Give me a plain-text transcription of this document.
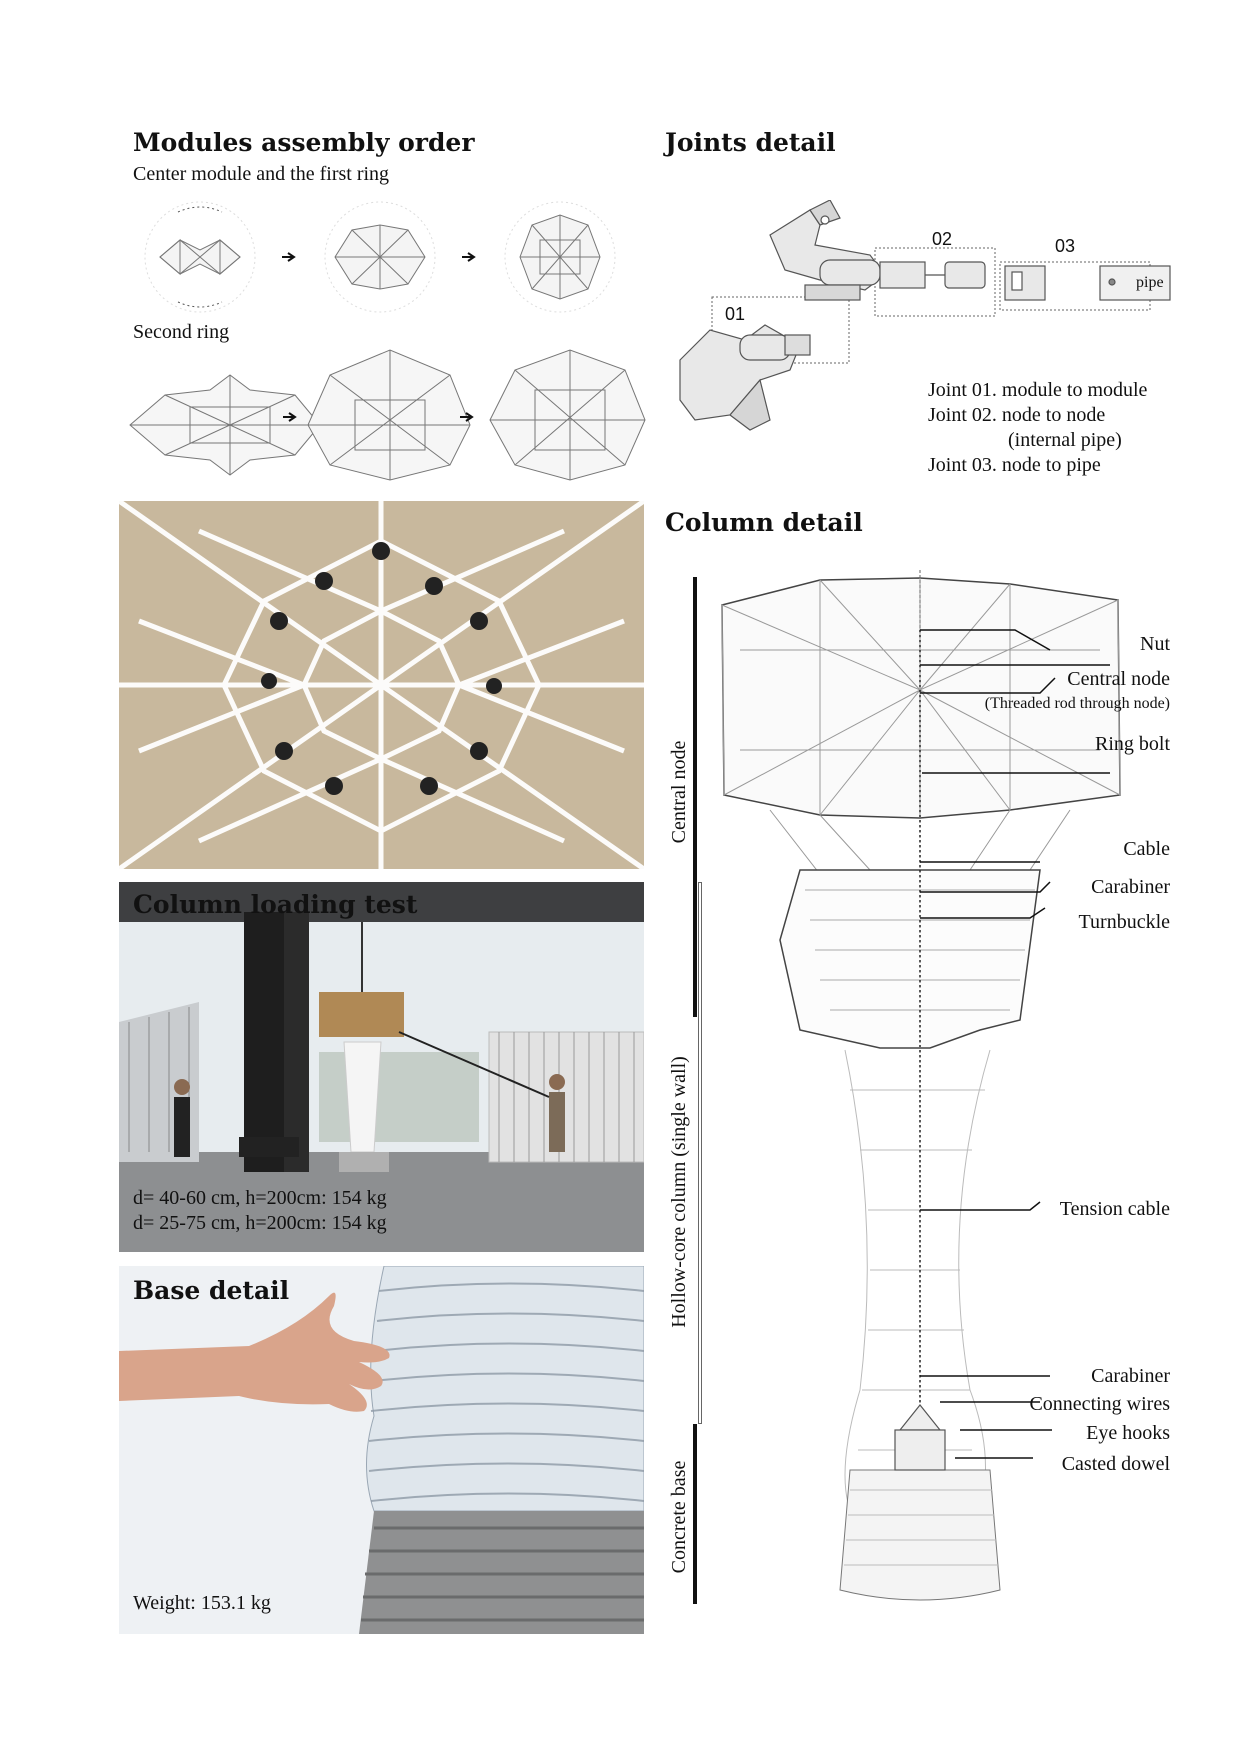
Modules assembly order
Center module and the first ring
Second ring
Joints detail
01
02	03
pipe
Joint 01. module to module
Joint 02. node to node
(internal pipe)
Joint 03. node to pipe
Column detail
Central node
Hollow-core column (single wall)
Concrete base
Nut
Central node
(Threaded rod through node)
Ring bolt
Cable
Carabiner
Turnbuckle
Tension cable
Carabiner
Connecting wires
Eye hooks
Casted dowel
Column loading test
d= 40-60 cm, h=200cm: 154 kg
d= 25-75 cm, h=200cm: 154 kg
Base detail
Weight: 153.1 kg
